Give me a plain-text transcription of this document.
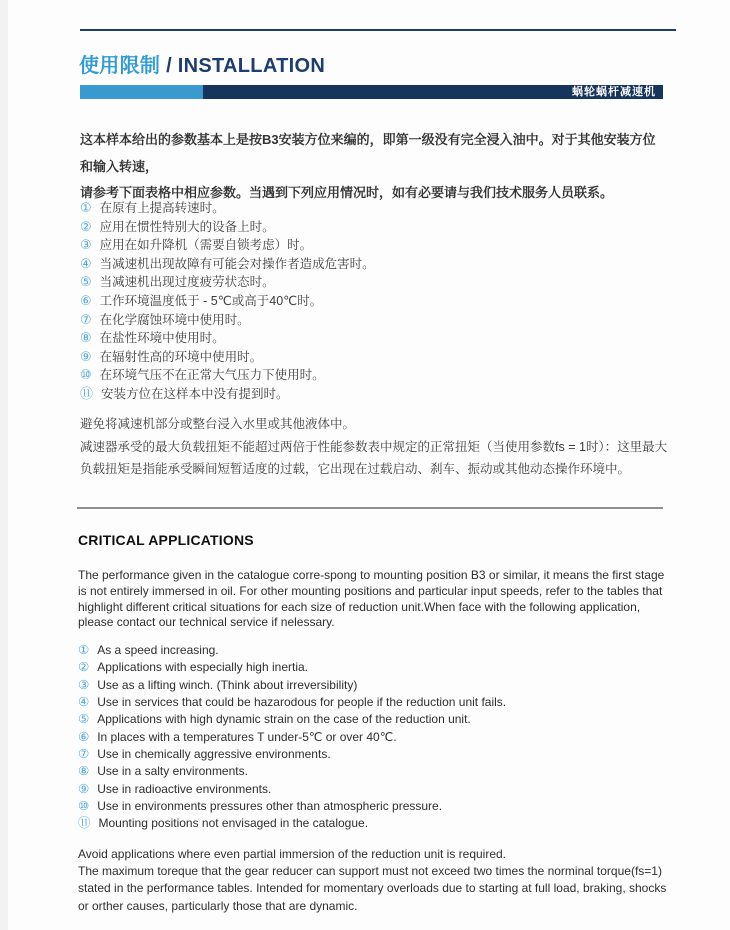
使用限制 / INSTALLATION
蜗轮蜗杆减速机
这本样本给出的参数基本上是按B3安装方位来编的，即第一级没有完全浸入油中。对于其他安装方位和输入转速，
请参考下面表格中相应参数。当遇到下列应用情况时，如有必要请与我们技术服务人员联系。
① 在原有上提高转速时。
② 应用在惯性特别大的设备上时。
③ 应用在如升降机（需要自锁考虑）时。
④ 当减速机出现故障有可能会对操作者造成危害时。
⑤ 当减速机出现过度疲劳状态时。
⑥ 工作环境温度低于 - 5℃或高于40℃时。
⑦ 在化学腐蚀环境中使用时。
⑧ 在盐性环境中使用时。
⑨ 在辐射性高的环境中使用时。
⑩ 在环境气压不在正常大气压力下使用时。
⑪ 安装方位在这样本中没有提到时。
避免将减速机部分或整台浸入水里或其他液体中。
减速器承受的最大负载扭矩不能超过两倍于性能参数表中规定的正常扭矩（当使用参数fs = 1时）：这里最大负载扭矩是指能承受瞬间短暂适度的过载，它出现在过载启动、刹车、振动或其他动态操作环境中。
CRITICAL APPLICATIONS
The performance given in the catalogue corre-spong to mounting position B3 or similar, it means the first stage is not entirely immersed in oil. For other mounting positions and particular input speeds, refer to the tables that highlight different critical situations for each size of reduction unit.When face with the following application, please contact our technical service if nelessary.
① As a speed increasing.
② Applications with especially high inertia.
③ Use as a lifting winch. (Think about irreversibility)
④ Use in services that could be hazarodous for people if the reduction unit fails.
⑤ Applications with high dynamic strain on the case of the reduction unit.
⑥ In places with a temperatures T under-5℃ or over 40℃.
⑦ Use in chemically aggressive environments.
⑧ Use in a salty environments.
⑨ Use in radioactive environments.
⑩ Use in environments pressures other than atmospheric pressure.
⑪ Mounting positions not envisaged in the catalogue.
Avoid applications where even partial immersion of the reduction unit is required.
The maximum toreque that the gear reducer can support must not exceed two times the norminal torque(fs=1) stated in the performance tables. Intended for momentary overloads due to starting at full load, braking, shocks or orther causes, particularly those that are dynamic.
